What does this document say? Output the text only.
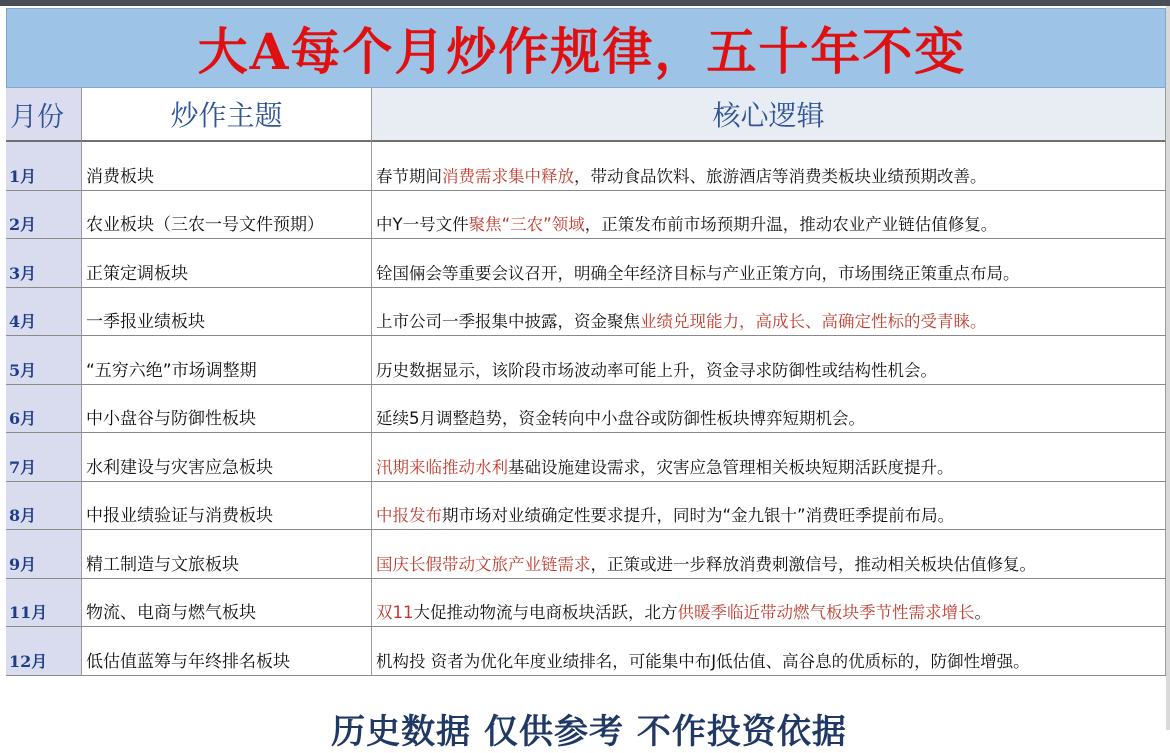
大A每个月炒作规律，五十年不变
月份	炒作主题	核心逻辑
1月	消费板块	春节期间 消费需求集中释放 ，带动食品饮料、旅游酒店等消费类板块业绩预期改善。
2月	农业板块（三农一号文件预期）	中Y一号文件 聚焦“三农”领域 ，正策发布前市场预期升温，推动农业产业链估值修复。
3月	正策定调板块	铨国倆会等重要会议召开，明确全年经济目标与产业正策方向，市场围绕正策重点布局。
4月	一季报业绩板块	上市公司一季报集中披露，资金聚焦 业绩兑现能力，高成长、高确定性标的受青睐。
5月	“五穷六绝”市场调整期	历史数据显示，该阶段市场波动率可能上升，资金寻求防御性或结构性机会。
6月	中小盘谷与防御性板块	延续5月调整趋势，资金转向中小盘谷或防御性板块博弈短期机会。
7月	水利建设与灾害应急板块	汛期来临推动水利 基础设施建设需求，灾害应急管理相关板块短期活跃度提升。
8月	中报业绩验证与消费板块	中报发布 期市场对业绩确定性要求提升，同时为“金九银十”消费旺季提前布局。
9月	精工制造与文旅板块	国庆长假带动文旅产业链需求 ，正策或进一步释放消费刺激信号，推动相关板块估值修复。
11月	物流、电商与燃气板块	双11 大促推动物流与电商板块活跃，北方 供暖季临近带动燃气板块季节性需求增长 。
12月	低估值蓝筹与年终排名板块	机构投 资者为优化年度业绩排名，可能集中布J低估值、高谷息的优质标的，防御性增强。
历史数据 仅供参考 不作投资依据
